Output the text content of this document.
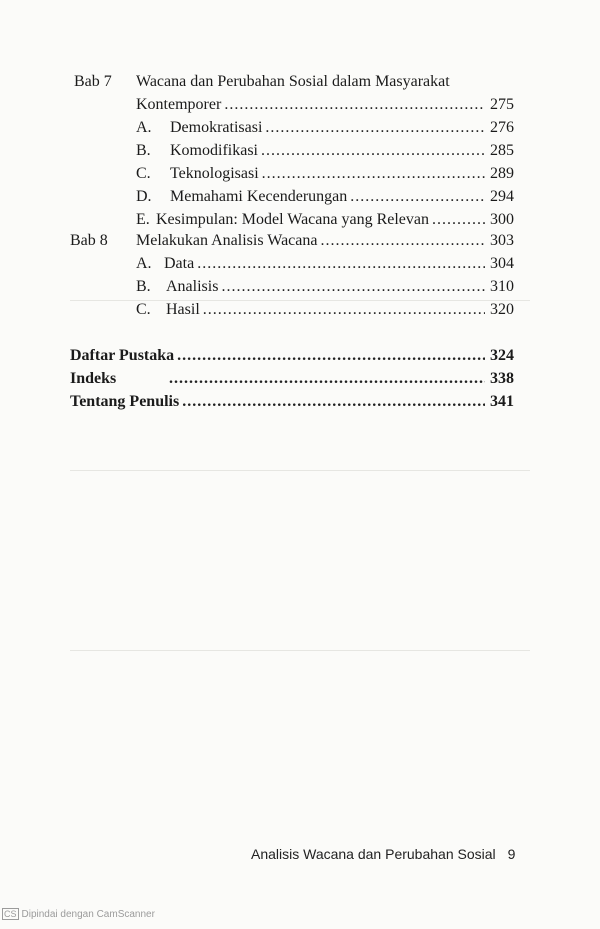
Bab 7 Wacana dan Perubahan Sosial dalam Masyarakat
Kontemporer .....	275
A. Demokratisasi .....	276
B. Komodifikasi .....	285
C. Teknologisasi .....	289
D. Memahami Kecenderungan .....	294
E. Kesimpulan: Model Wacana yang Relevan .....	300
Bab 8 Melakukan Analisis Wacana .....	303
A. Data .....	304
B. Analisis .....	310
C. Hasil .....	320
Daftar Pustaka .....	324
Indeks .....	338
Tentang Penulis .....	341
Analisis Wacana dan Perubahan Sosial 9
CS Dipindai dengan CamScanner
